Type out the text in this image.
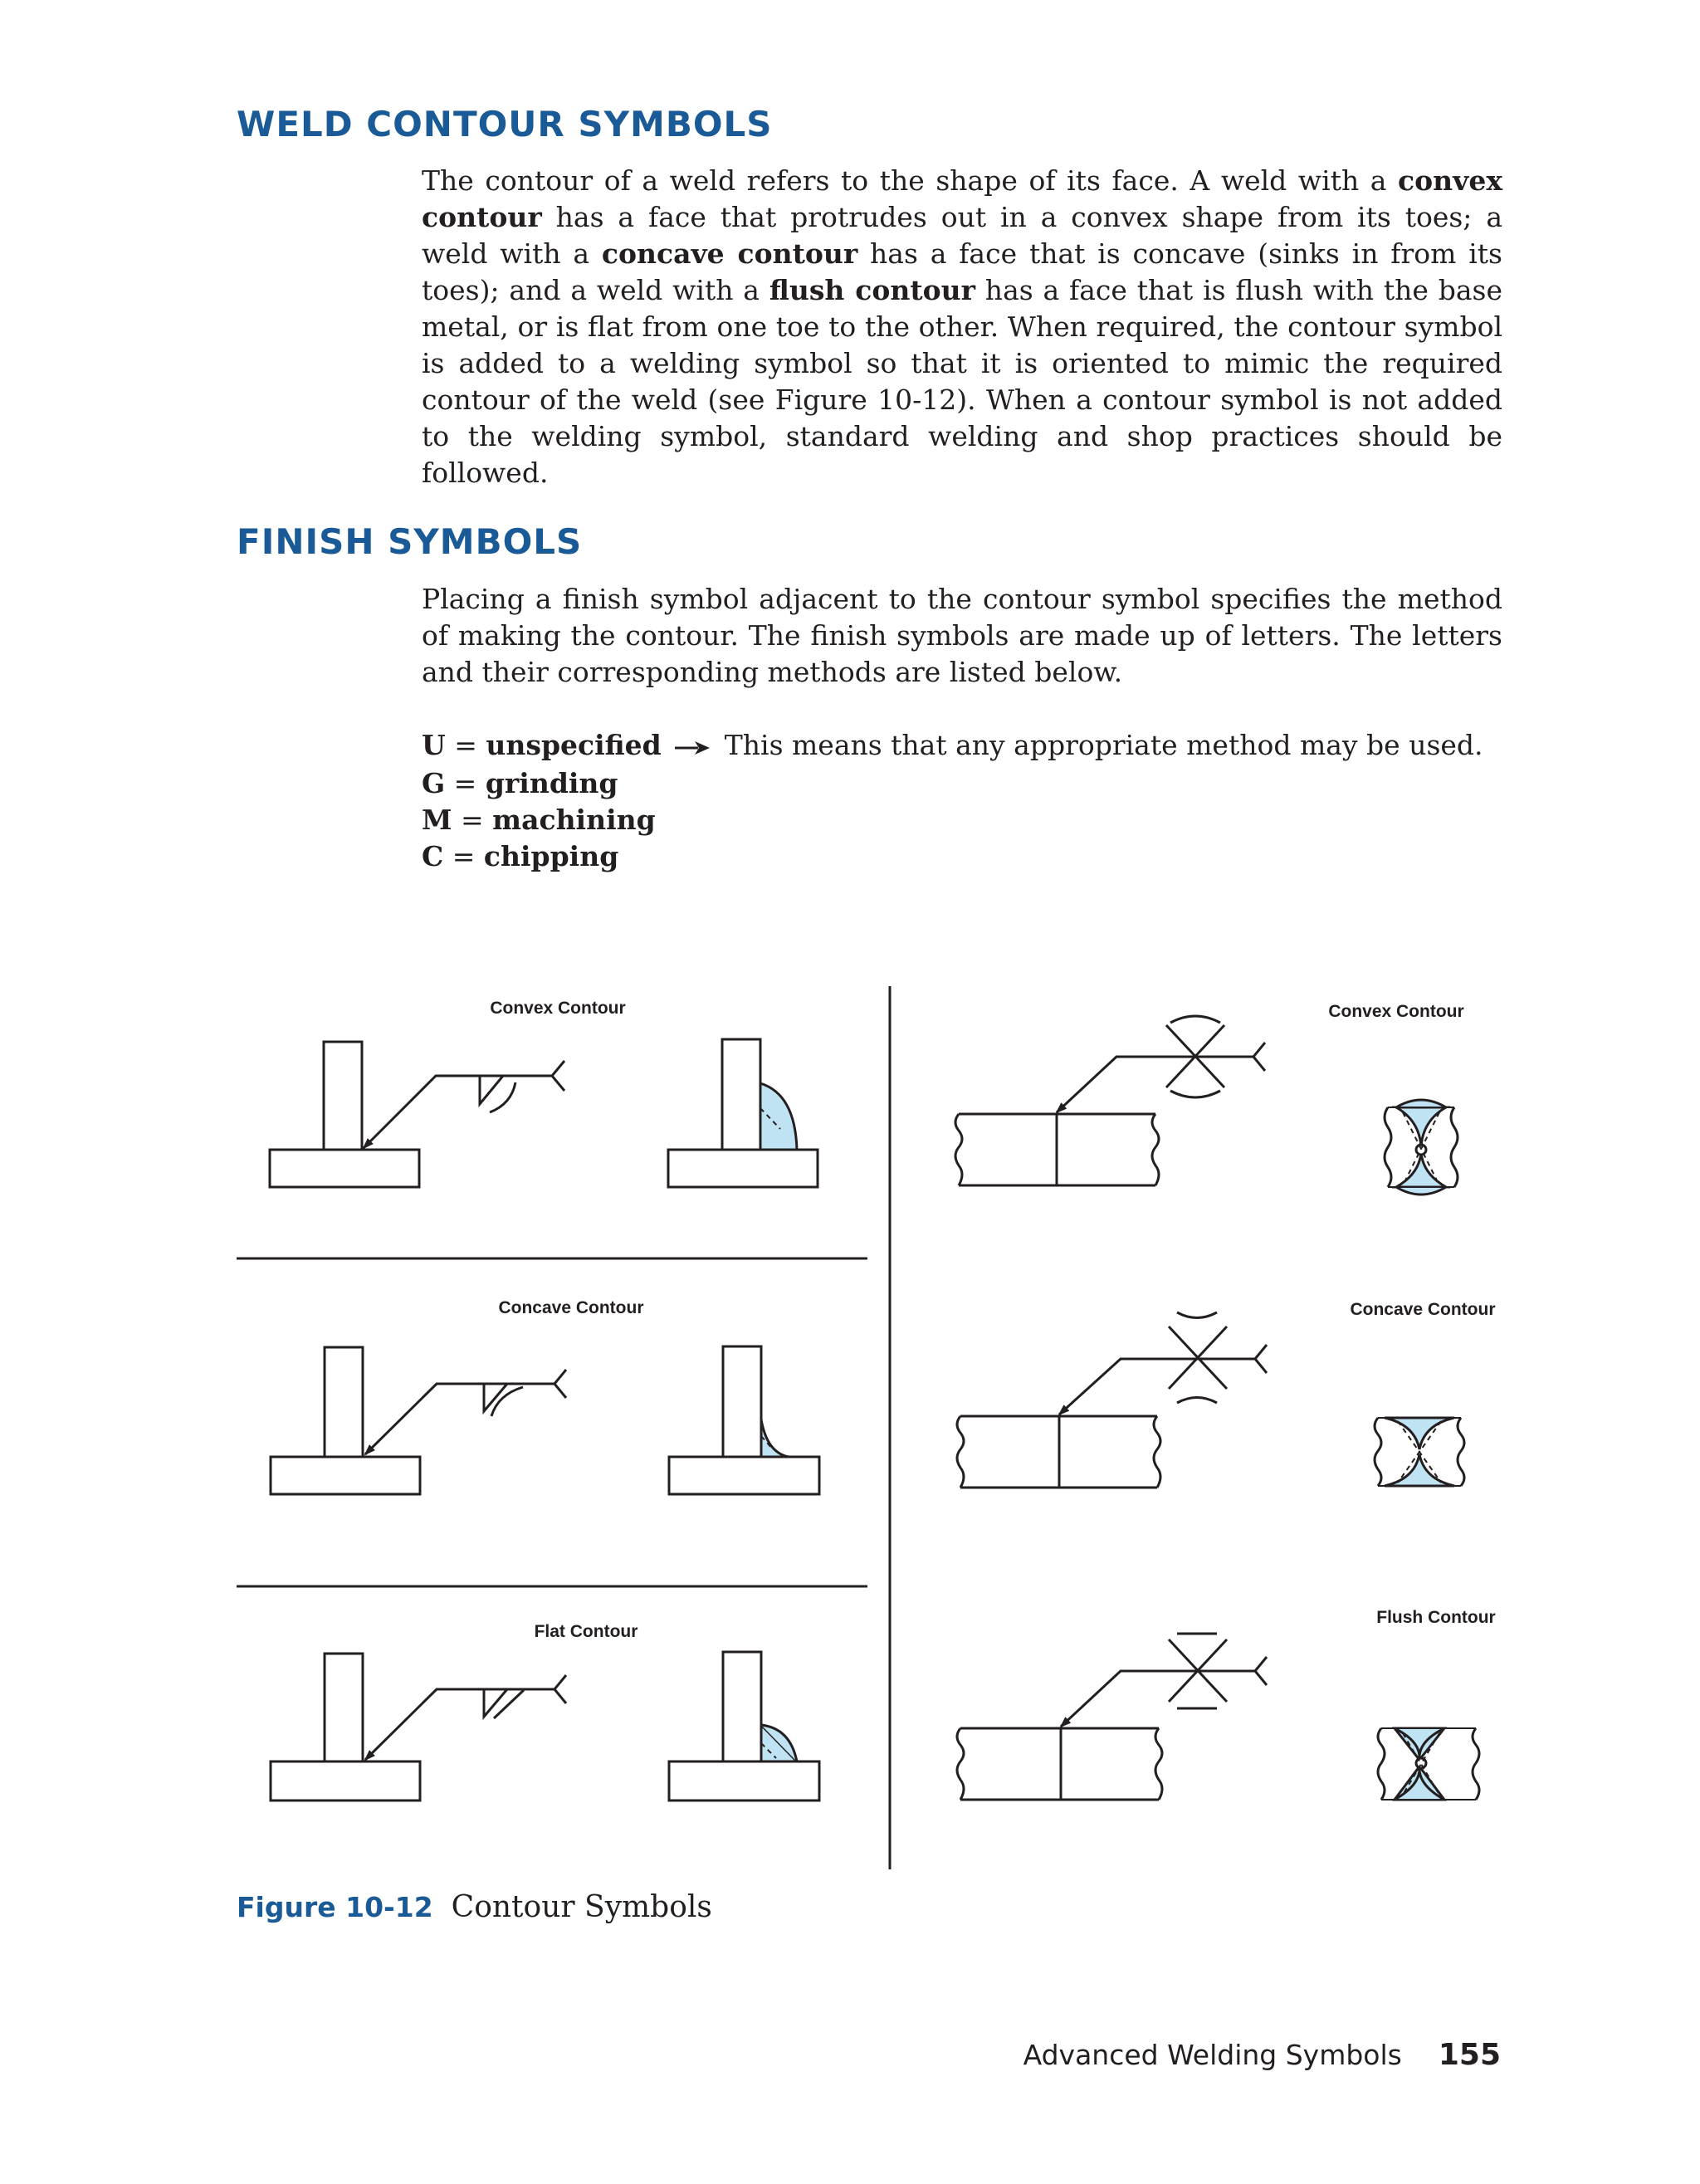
WELD CONTOUR SYMBOLS

The contour of a weld refers to the shape of its face. A weld with a convex contour has a face that protrudes out in a convex shape from its toes; a weld with a concave contour has a face that is concave (sinks in from its toes); and a weld with a flush contour has a face that is flush with the base metal, or is flat from one toe to the other. When required, the contour symbol is added to a welding symbol so that it is oriented to mimic the required contour of the weld (see Figure 10-12). When a contour symbol is not added to the welding symbol, standard welding and shop practices should be followed.

FINISH SYMBOLS

Placing a finish symbol adjacent to the contour symbol specifies the method of making the contour. The finish symbols are made up of letters. The letters and their corresponding methods are listed below.

U = unspecified This means that any appropriate method may be used.
G = grinding
M = machining
C = chipping
Convex Contour
Concave Contour
Flat Contour
Convex Contour
Concave Contour
Flush Contour
Figure 10-12 Contour Symbols
Advanced Welding Symbols 155
